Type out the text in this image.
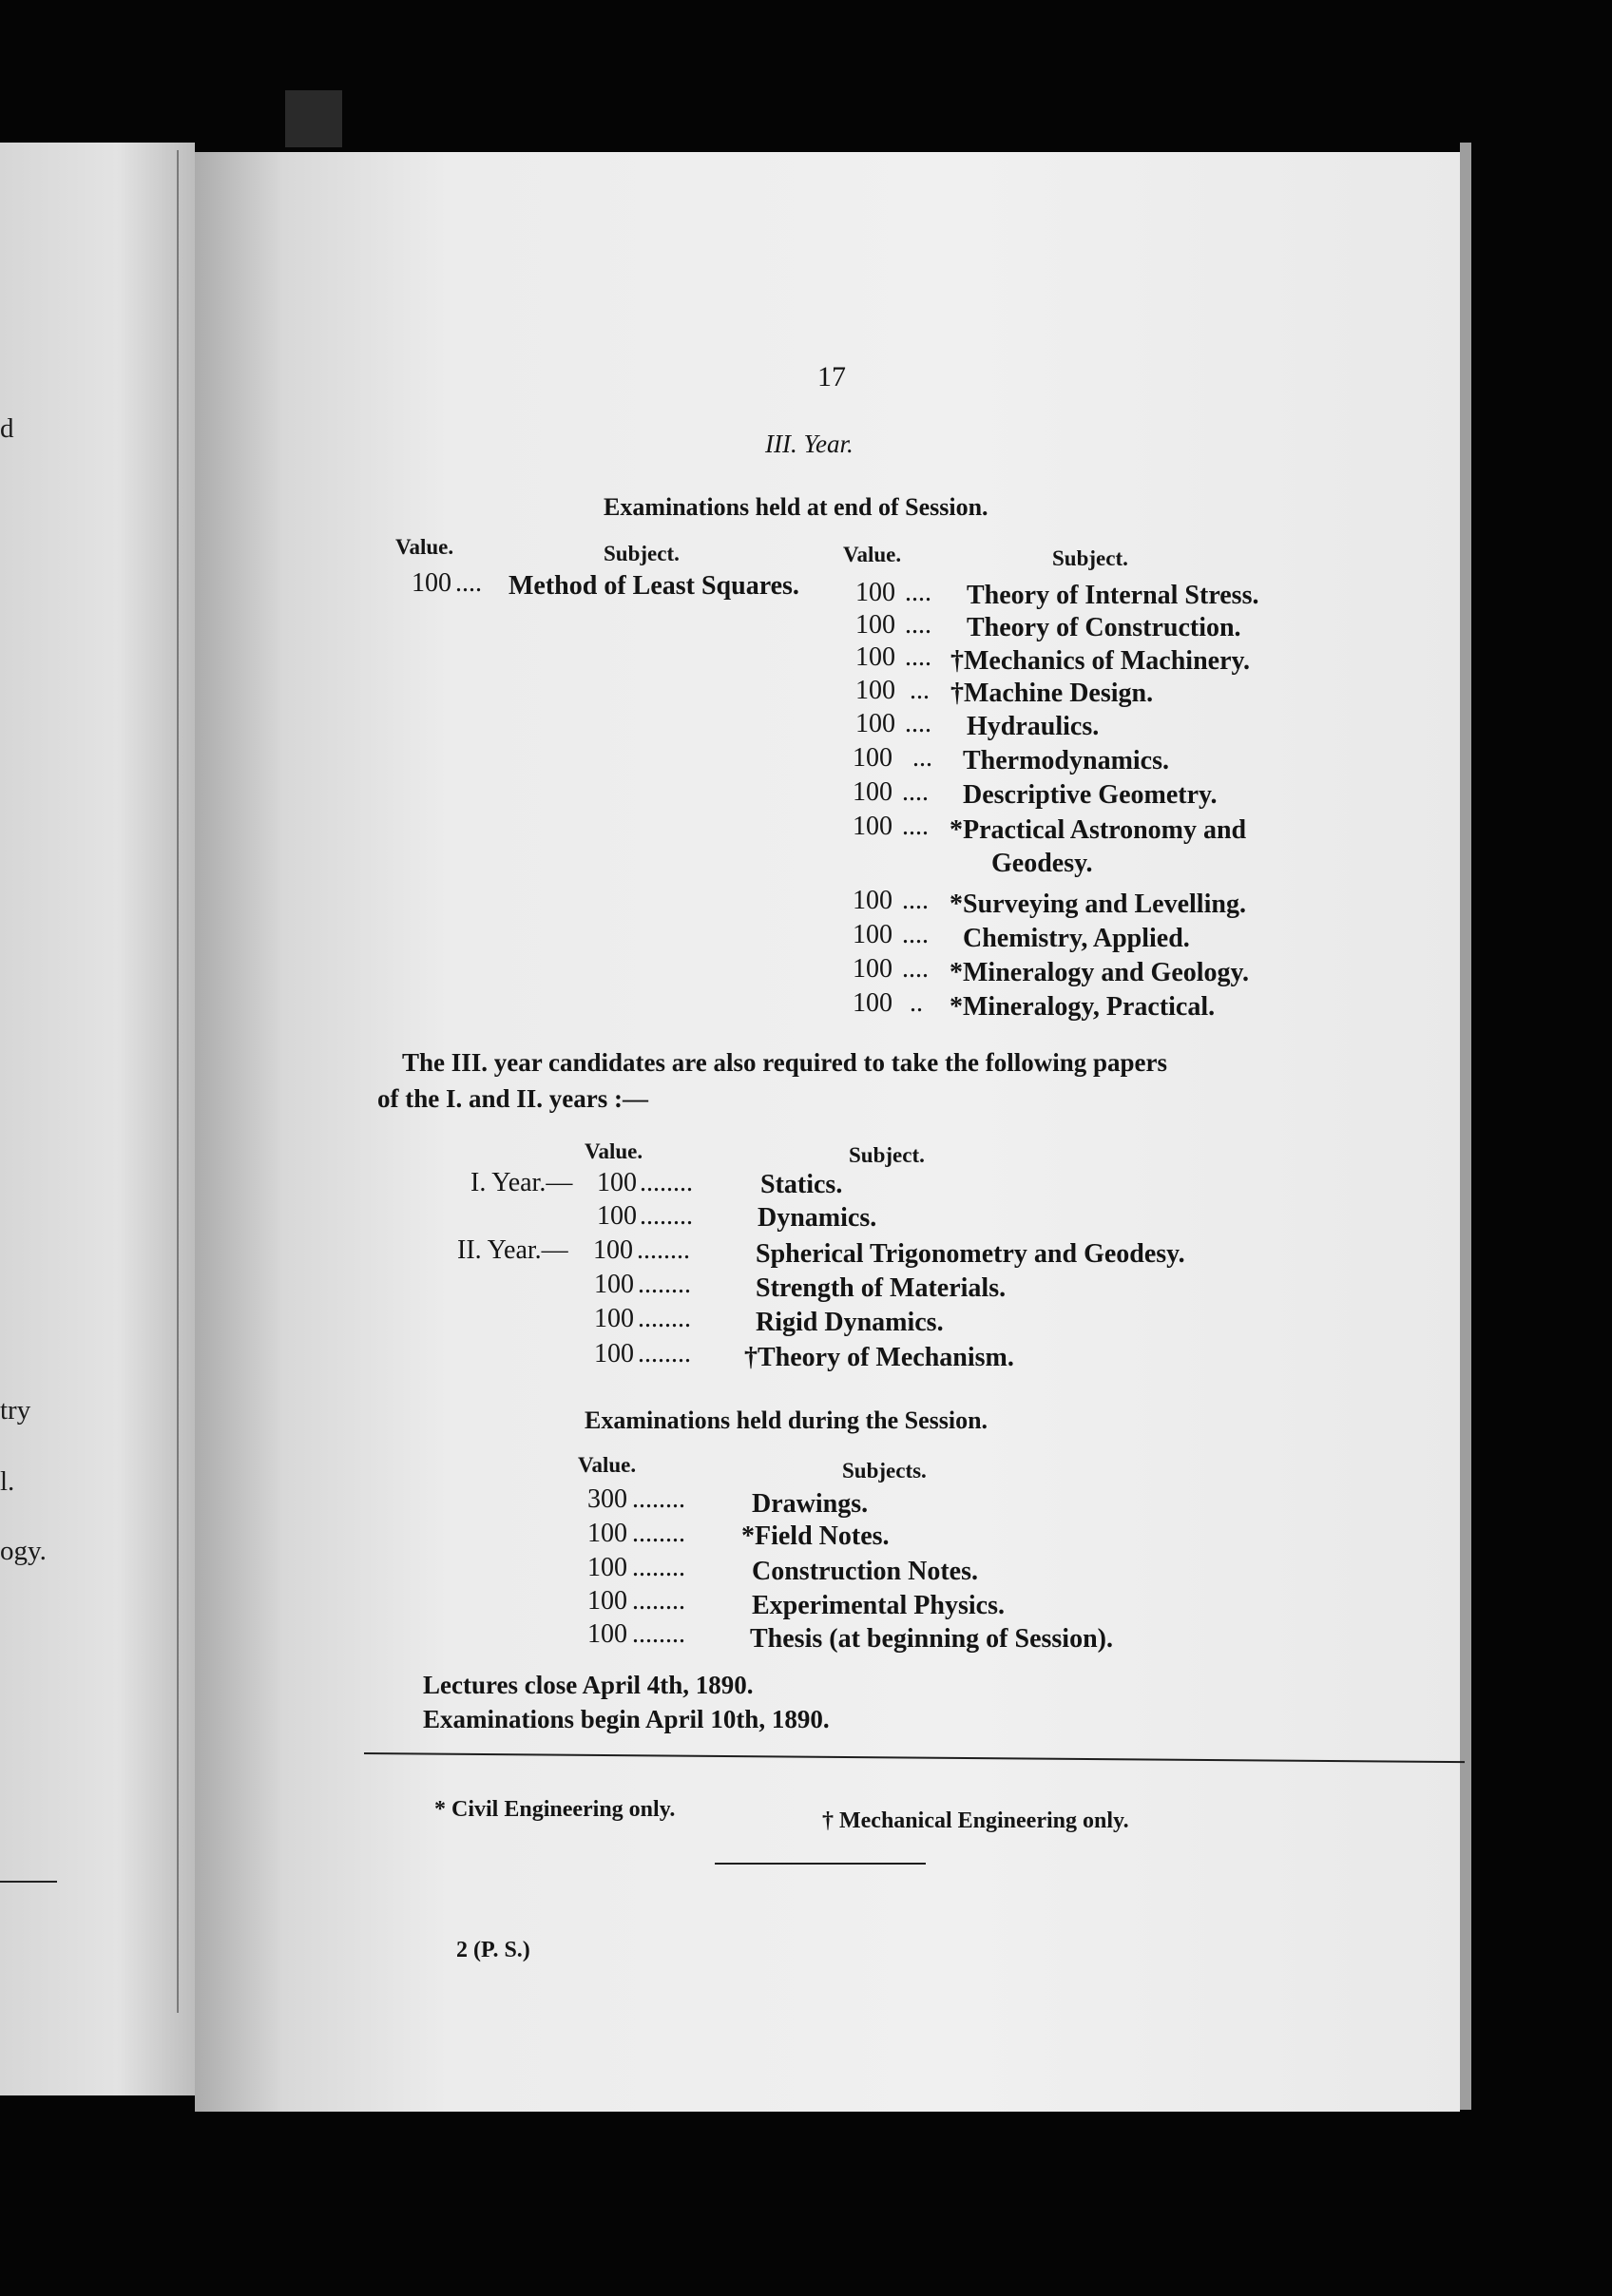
d
try
l.
ogy.
17
III. Year.
Examinations held at end of Session.
Value.	Subject.	Value.	Subject.
100 .... Method of Least Squares. 100 .... Theory of Internal Stress.
100 .... Theory of Construction.
100 .... †Mechanics of Machinery.
100 ... †Machine Design.
100 .... Hydraulics.
100 ... Thermodynamics.
100 .... Descriptive Geometry.
100 .... *Practical Astronomy and
Geodesy.
100 .... *Surveying and Levelling.
100 .... Chemistry, Applied.
100 .... *Mineralogy and Geology.
100 .. *Mineralogy, Practical.
The III. year candidates are also required to take the following papers
of the I. and II. years :—
Value.	Subject.
I. Year.— 100 ........	Statics.
100 ........ Dynamics.
II. Year.— 100 ........ Spherical Trigonometry and Geodesy.
100 ........ Strength of Materials.
100 ........ Rigid Dynamics.
100 ........ †Theory of Mechanism.
Examinations held during the Session.
Value.	Subjects.
300 ........	Drawings.
100 ........ *Field Notes.
100 ........	Construction Notes.
100 ........	Experimental Physics.
100 ........ Thesis (at beginning of Session).
Lectures close April 4th, 1890.
Examinations begin April 10th, 1890.
* Civil Engineering only.	† Mechanical Engineering only.
2 (P. S.)
